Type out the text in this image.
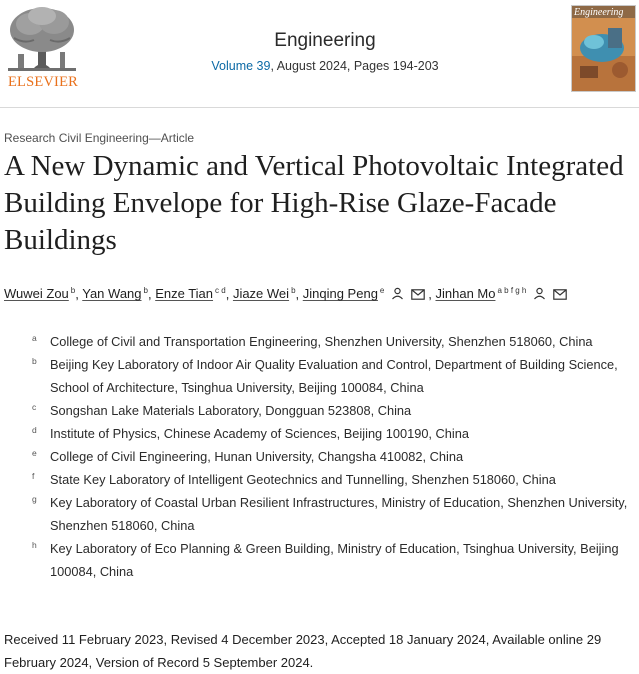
ELSEVIER
Engineering
Volume 39, August 2024, Pages 194-203
Engineering
Research Civil Engineering—Article
A New Dynamic and Vertical Photovoltaic Integrated Building Envelope for High-Rise Glaze-Facade Buildings
Wuwei Zou $^b$, Yan Wang $^b$, Enze Tian $^{c d}$, Jiaze Wei $^b$, Jinqing Peng $^e$	, Jinhan Mo $^{a b f g h}$
a College of Civil and Transportation Engineering, Shenzhen University, Shenzhen 518060, China
b Beijing Key Laboratory of Indoor Air Quality Evaluation and Control, Department of Building Science, School of Architecture, Tsinghua University, Beijing 100084, China
c Songshan Lake Materials Laboratory, Dongguan 523808, China
d Institute of Physics, Chinese Academy of Sciences, Beijing 100190, China
e College of Civil Engineering, Hunan University, Changsha 410082, China
f State Key Laboratory of Intelligent Geotechnics and Tunnelling, Shenzhen 518060, China
g Key Laboratory of Coastal Urban Resilient Infrastructures, Ministry of Education, Shenzhen University, Shenzhen 518060, China
h Key Laboratory of Eco Planning & Green Building, Ministry of Education, Tsinghua University, Beijing 100084, China
Received 11 February 2023, Revised 4 December 2023, Accepted 18 January 2024, Available online 29 February 2024, Version of Record 5 September 2024.
